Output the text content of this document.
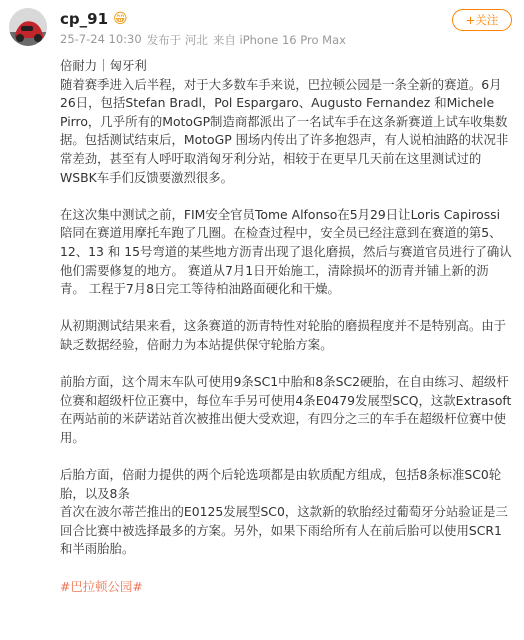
cp_91 😁
25-7-24 10:30 发布于 河北 来自 iPhone 16 Pro Max
+关注

倍耐力｜匈牙利

随着赛季进入后半程，对于大多数车手来说，巴拉顿公园是一条全新的赛道。6月26日，包括Stefan Bradl，Pol Espargaro、Augusto Fernandez 和Michele Pirro，几乎所有的MotoGP制造商都派出了一名试车手在这条新赛道上试车收集数据。包括测试结束后，MotoGP 围场内传出了许多抱怨声，有人说柏油路的状况非常差劲，甚至有人呼吁取消匈牙利分站，相较于在更早几天前在这里测试过的WSBK车手们反馈要激烈很多。

在这次集中测试之前，FIM安全官员Tome Alfonso在5月29日让Loris Capirossi陪同在赛道用摩托车跑了几圈。在检查过程中，安全员已经注意到在赛道的第5、12、13 和 15号弯道的某些地方沥青出现了退化磨损，然后与赛道官员进行了确认他们需要修复的地方。 赛道从7月1日开始施工，清除损坏的沥青并铺上新的沥青。 工程于7月8日完工等待柏油路面硬化和干燥。

从初期测试结果来看，这条赛道的沥青特性对轮胎的磨损程度并不是特别高。由于缺乏数据经验，倍耐力为本站提供保守轮胎方案。

前胎方面，这个周末车队可使用9条SC1中胎和8条SC2硬胎，在自由练习、超级杆位赛和超级杆位正赛中，每位车手另可使用4条E0479发展型SCQ，这款Extrasoft在两站前的米萨诺站首次被推出便大受欢迎，有四分之三的车手在超级杆位赛中使用。

后胎方面，倍耐力提供的两个后轮选项都是由软质配方组成，包括8条标准SC0轮胎，以及8条
首次在波尔蒂芒推出的E0125发展型SC0，这款新的软胎经过葡萄牙分站验证是三回合比赛中被选择最多的方案。另外，如果下雨给所有人在前后胎可以使用SCR1和半雨胎胎。

#巴拉顿公园#
